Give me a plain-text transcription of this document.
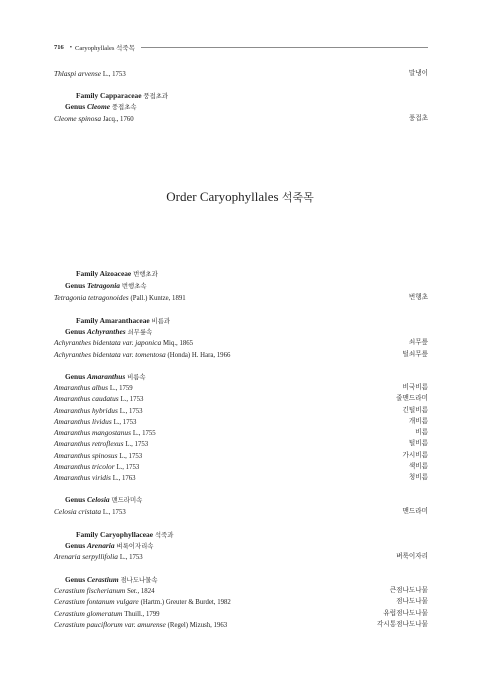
716 • Caryophyllales 석죽목
Thlaspi arvense L., 1753	말냉이
Family Capparaceae 풍접초과
Genus Cleome 풍접초속
Cleome spinosa Jacq., 1760	풍접초
Order Caryophyllales 석죽목
Family Aizoaceae 번행초과
Genus Tetragonia 번행초속
Tetragonia tetragonoides (Pall.) Kuntze, 1891	번행초
Family Amaranthaceae 비름과
Genus Achyranthes 쇠무릎속
Achyranthes bidentata var. japonica Miq., 1865	쇠무릎
Achyranthes bidentata var. tomentosa (Honda) H. Hara, 1966	털쇠무릎
Genus Amaranthus 비름속
Amaranthus albus L., 1759	비국비름
Amaranthus caudatus L., 1753	줄맨드라미
Amaranthus hybridus L., 1753	긴털비름
Amaranthus lividus L., 1753	개비름
Amaranthus mangostanus L., 1755	비름
Amaranthus retroflexus L., 1753	털비름
Amaranthus spinosus L., 1753	가시비름
Amaranthus tricolor L., 1753	색비름
Amaranthus viridis L., 1763	청비름
Genus Celosia 맨드라미속
Celosia cristata L., 1753	맨드라미
Family Caryophyllaceae 석죽과
Genus Arenaria 벼룩이자리속
Arenaria serpyllifolia L., 1753	벼룩이자리
Genus Cerastium 점나도나물속
Cerastium fischerianum Ser., 1824	큰점나도나물
Cerastium fontanum vulgare (Hartm.) Greuter & Burdet, 1982	점나도나물
Cerastium glomeratum Thuill., 1799	유럽점나도나물
Cerastium pauciflorum var. amurense (Regel) Mizush, 1963	각시통점나도나물
